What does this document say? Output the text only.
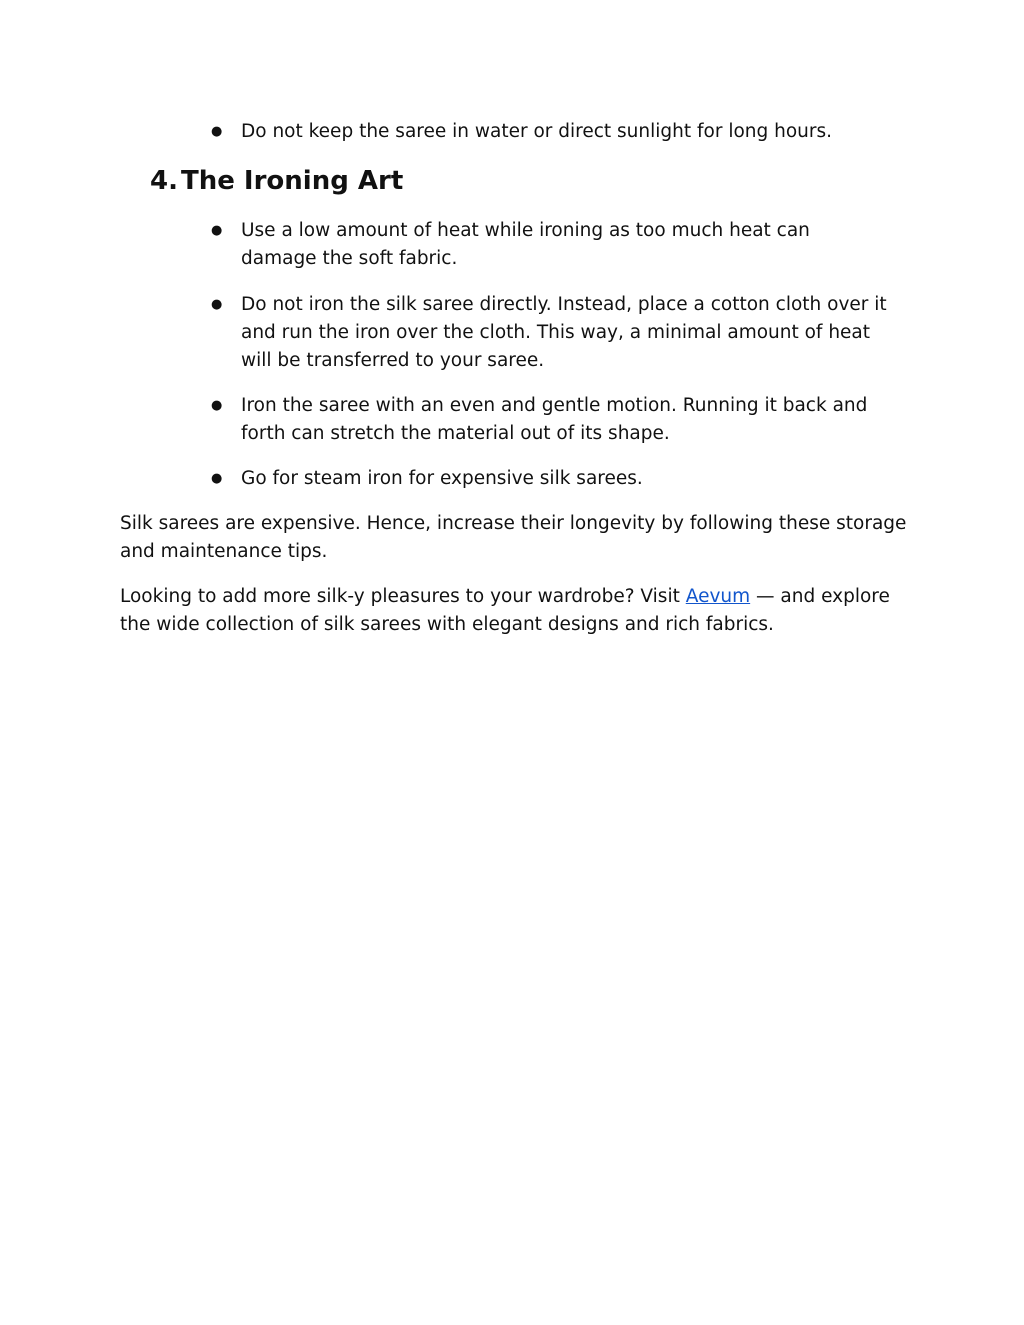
● Do not keep the saree in water or direct sunlight for long hours.
4. The Ironing Art
● Use a low amount of heat while ironing as too much heat can damage the soft fabric.
● Do not iron the silk saree directly. Instead, place a cotton cloth over it and run the iron over the cloth. This way, a minimal amount of heat will be transferred to your saree.
● Iron the saree with an even and gentle motion. Running it back and forth can stretch the material out of its shape.
● Go for steam iron for expensive silk sarees.

Silk sarees are expensive. Hence, increase their longevity by following these storage and maintenance tips.

Looking to add more silk-y pleasures to your wardrobe? Visit Aevum — and explore the wide collection of silk sarees with elegant designs and rich fabrics.
